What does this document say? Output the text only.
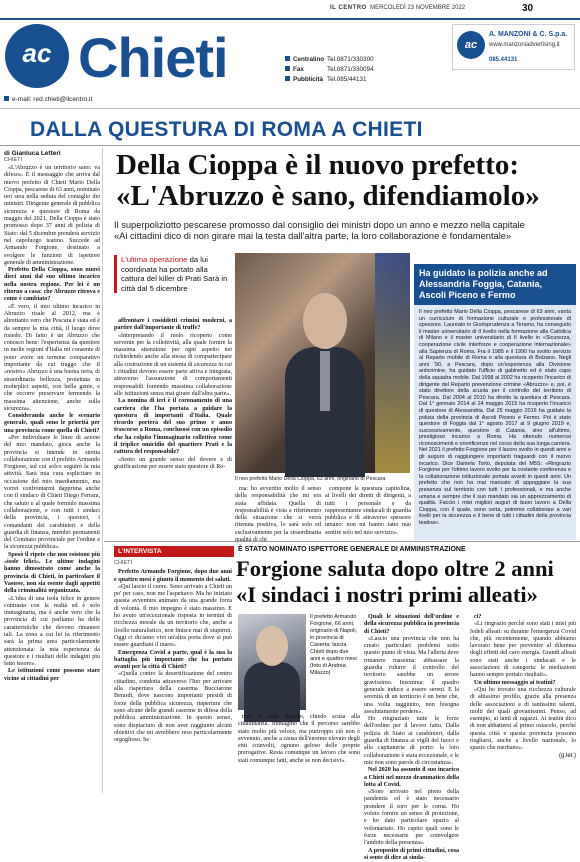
IL CENTRO MERCOLEDÌ 23 NOVEMBRE 2022	30
ac Chieti	Centralino Tel.0871/330300
Fax	Tel.0871/330094
Pubblicità Tel.085/44131
ac
A. MANZONI & C. S.p.a.
www.manzoniadvertising.it
085.44131
e-mail: red.chieti@ilcentro.it
DALLA QUESTURA DI ROMA A CHIETI
di Gianluca Letteri
CHIETI

«L'Abruzzo è un territorio sano: va difeso». È il messaggio che arriva dal nuovo prefetto di Chieti Mario Della Cioppa, pescarese di 63 anni, nominato ieri sera nella seduta del consiglio dei ministri. Dirigente generale di pubblica sicurezza e questore di Roma da maggio del 2021, Della Cioppa è stato promosso dopo 37 anni di polizia di Stato: dal 5 dicembre prenderà servizio nel capoluogo teatino. Succede ad Armando Forgione, destinato a svolgere le funzioni di ispettore generale di amministrazione.

Prefetto Della Cioppa, sono nuovi dieci anni dal suo ultimo incarico nella nostra regione. Per lei è un ritorno a casa: che Abruzzo ritrova e come è cambiato?

«È vero, il mio ultimo incarico in Abruzzo risale al 2012, ma è altrettanto vero che Pescara è stata ed è da sempre la mia città, il luogo dove risiedo. Di fatto è un Abruzzo che conosco bene: l'esperienza da questore in molte regioni d'Italia mi consente di poter avere un termine comparativo importante da cui traggo che il «nostro» Abruzzo è una buona terra, di straordinaria bellezza, proiettata in molteplici aspetti, con bella gente, e che occorre preservare fermendo la massima attenzione, anche sulla sicurezza».

Considerando anche le scenario generale, quali sono le priorità per una provincia come quella di Chieti?

«Per individuare le linee di azione del mio mandato, gioca anche la provincia si intende in stretta collaborazione con il prefetto Armando Forgione, sul cui solco seguirò la mia attività. Sarà mia cura esplicitare in occasione del mio insediamento, ma vorrei confrontarmi dapprima anche con il sindaco di Chieti Diego Ferrara, che saluto e al quale formulo massima collaborazione, e con tutti i sindaci della provincia, i questori, i comandanti dei carabinieri e della guardia di finanza, membri permanenti del Comitato provinciale per l'ordine e la sicurezza pubblica».

Sposò il ripete che non esistono più «isole felici». Le ultime indagini hanno dimostrato come anche la provincia di Chieti, in particolare il Vastese, non sia esente dagli appetiti della criminalità organizzata.

«L'idea di una isola felice in genere contrasta con la realtà ed è solo immaginaria, ma è anche vero che la provincia di cui parliamo ha delle caratteristiche che devono rimanere tali. La zona a cui lei fa riferimento sarà la prima area particolarmente attenzionata: la mia esperienza da questore e i risultati delle indagini più fatto tesoro».

Le istituzioni come possono stare vicine ai cittadini per

Della Cioppa è il nuovo prefetto:
«L'Abruzzo è sano, difendiamolo»
Il superpoliziotto pescarese promosso dal consiglio dei ministri dopo un anno e mezzo nella capitale
«Ai cittadini dico di non girare mai la testa dall'altra parte, la loro collaborazione è fondamentale»
L'ultima operazione da lui coordinata ha portato alla cattura del killer di Prati Sarà in città dal 5 dicembre

affrontare i cosiddetti crimini moderni, a partire dall'importante di truffe?

«Interpretando il ruolo ricoperto come servente per la collettività, alla quale fornire la massima attenzione per ogni aspetto nei richiedendo anche alla stessa di compartecipare alla costruzione di un sistema di sicurezza in cui i cittadini devono essere parte attiva e integrata, attraverso l'assunzione di comportamenti responsabili fornendo massima collaborazione alle istituzioni senza mai girare dall'altra parte».

La nomina di ieri è il coronamento di una carriera che l'ha portata a guidare la questura di importanti d'Italia. Quale ricordo porterà del suo primo e anno trascorso a Roma, conclusosi con un episodio che ha colpito l'immaginario collettivo come il triplice omicidio del quartiere Prati e la cattura del responsabile?

«Sento un grande senso del dovere e di gratificazione per essere stato questore di Ro-

Il neo prefetto Mario Della Cioppa, 63 anni, originario di Pescara

ma: ho avvertito molto il senso della responsabilità che mi era stata affidata. Quella di responsabilità è vista a riferimento della situazione che si verrà ritenuta positiva, lo sarà solo ed esclusivamente per la straordinaria

compone la questura capitolina, ai livelli dei diretti di dirigenti, a tutti i personale e da rappresentanze sindacali di guardia pubblica e di attraverso spessore umano: non mi hanno fatto mai sentire solo nel mio servizio».

Ha guidato la polizia anche ad Alessandria Foggia, Catania, Ascoli Piceno e Fermo
Il neo prefetto Mario Della Cioppa, pescarese di 63 anni, vanta un curriculum di formazione culturale e professionale di spessore. Laureato in Giurisprudenza a Teramo, ha conseguito il master universitario di II livello nella formazione alla Cattolica di Milano e il master universitario di II livello in «Sicurezza, cooperazione civile interforze e cooperazione internazionale» alla Sapienza di Roma. Fra il 1985 e il 1990 ha svolto servizio al Reparto mobile di Roma e alla questura di Bolzano. Negli anni '90, a Pescara, dopo un'esperienza alla Divisione anticrimine, ha guidato l'ufficio di gabinetto ed è stato capo della squadra mobile. Dal 1998 al 2002 ha ricoperto l'incarico di dirigente del Reparto prevenzione crimine «Abruzzo» e, poi, è stato direttore della scuola per il controllo del territorio di Pescara. Dal 2004 al 2010 ha diretto la questura di Pescara. Dal 1° gennaio 2014 al 24 maggio 2015 ha ricoperto l'incarico di questore di Alessandria. Dal 25 maggio 2016 ha guidato la polizia della provincia di Ascoli Piceno e Fermo. Poi è stato questore di Foggia dal 1° agosto 2017 al 9 giugno 2019 e, successivamente, questore di Catania, sino all'ultimo, prestigioso incarico a Roma. Ha ottenuto numerosi riconoscimenti e onorificenze nel corso della sua lunga carriera. Nel 2021 il prefetto Forgione per il lavoro svolto in questi anni e gli auguro di raggiungere importanti traguardi con il nuovo incarico. Dice Daniela Torto, deputata del M5S: «Ringrazio Forgione per l'ottimo lavoro svolto per la costante conferenza e la collaborazione istituzionale portata avanti in questi anni. Un prefetto che non ha mai mancato di appoggiare la sua presenza sul territorio con tutti i professionali, e ma anche umana e sempre che il suo mandato sia un apprezzamento di qualità. Faccio i miei migliori auguri di buon lavoro a Della Cioppa, con il quale, sono certa, potremo collaborare a vari livelli per la sicurezza e il bene di tutti i cittadini della provincia teatina».
L'INTERVISTA	È STATO NOMINATO ISPETTORE GENERALE DI AMMINISTRAZIONE
Forgione saluta dopo oltre 2 anni
«I sindaci i nostri primi alleati»

CHIETI

Prefetto Armando Forgione, dopo due anni e quattro mesi è giunto il momento dei saluti.

«Qui lascio il cuore. Sono arrivato a Chieti un po' per caso, non me l'aspettavo. Ma ho iniziato questa avventura animato da una grande forza di volontà. Il mio impegno è stato massimo. E ho avuto un'eccezionale risposta in termini di ricchezza morale da un territorio che, anche a livello naturalistico, non finisce mai di stupirmi. Oggi ci diciamo vivi un'altra porta dove si può essere guardiani il mare».

Emergenza Covid a parte, qual è la sua la battaglia più importante che ha portato avanti per la città di Chieti?

«Quella contro la desertificazione del centro cittadino, condotta attraverso l'Iter per arrivare alla riapertura della caserma Bucciarone Berardi, dove nascono importanti presidi di forze della pubblica sicurezza, riapertura che sono alcune delle grandi caserme in difesa della pubblica amministrazione. In questo senso, sono dispiaciuto di non aver raggiunto alcuni obiettivi che mi avrebbero reso particolarmente orgoglioso. Se

Il prefetto Armando Forgione, 66 anni, originario di Napoli, in provincia di Caserta: lascia Chieti dopo due anni e quattro mesi (foto di Andrea Milazzo)

non ci sono riuscito, chiedo scusa alla cittadinanza. Immagino che il percorso sarebbe stato molto più veloce, ma purtroppo ciò non è avvenuto, anche a causa dell'enorme elevato degli enti coinvolti, ognuno geloso delle proprie prerogative. Resta comunque un lavoro che sono stati comunque fatti, anche se non decisivi».

Quali le situazioni dell'ordine e della sicurezza pubblica in provincia di Chieti?

«Lascio una provincia che non ha creato particolari problemi sotto questo punto di vista. Ma l'allerta deve rimanere massima: abbassare la guardia ridurre il controllo del territorio sarebbe un errore gravissimo. Insomma: il quadro generale induce a essere sereni. E la serenità di un territorio è un bene che, una volta raggiunto, non bisogna assolutamente perdere».

Ho ringraziato tutte le forze dell'ordine per il lavoro fatto. Dalla polizia di Stato ai carabinieri, dalla guardia di finanza ai vigili del fuoco e alla capitaneria di porto: la loro collaborazione è stata eccezionale, e le mie non sono parole di circostanza».

Nel 2020 ha assunto il suo incarico a Chieti nel mezzo drammatico della lotta al Covid.

«Sono arrivato nel pieno della pandemia ed è stato necessario prendere il toro per le corna. Ho voluto fornire un senso di protezione, e ho dato particolare spazio al volontariato. Ho capito quali sono le forze necessarie per coinvolgere l'ambito della presenza».

A proposito di primi cittadini, cosa si sente di dire ai sinda-

ci?

«Li ringrazio perché sono stati i miei più fedeli alleati: su durante l'emergenza Covid che, più recentemente, quando abbiamo lavorato bene per prevenire al dilemma degli effetti del caro energia. Grandi alleati sono stati anche i sindacati e le associazioni di categoria: le mediazioni hanno sempre portato risultati».

Un ultimo messaggio ai teatini?

«Qui ho trovato una ricchezza culturale di altissimo profilo, grazie alla presenza delle associazioni e di tantissimi talenti, molti dei quali giovanissimi. Penso, ad esempio, ai tanti di ragazzi. Ai teatini dico di non abbattersi al primo ostacolo, perché questa città e questa provincia possono risgliarsi, anche a livello nazionale, lo spazio che meritano».

(g.let.)
